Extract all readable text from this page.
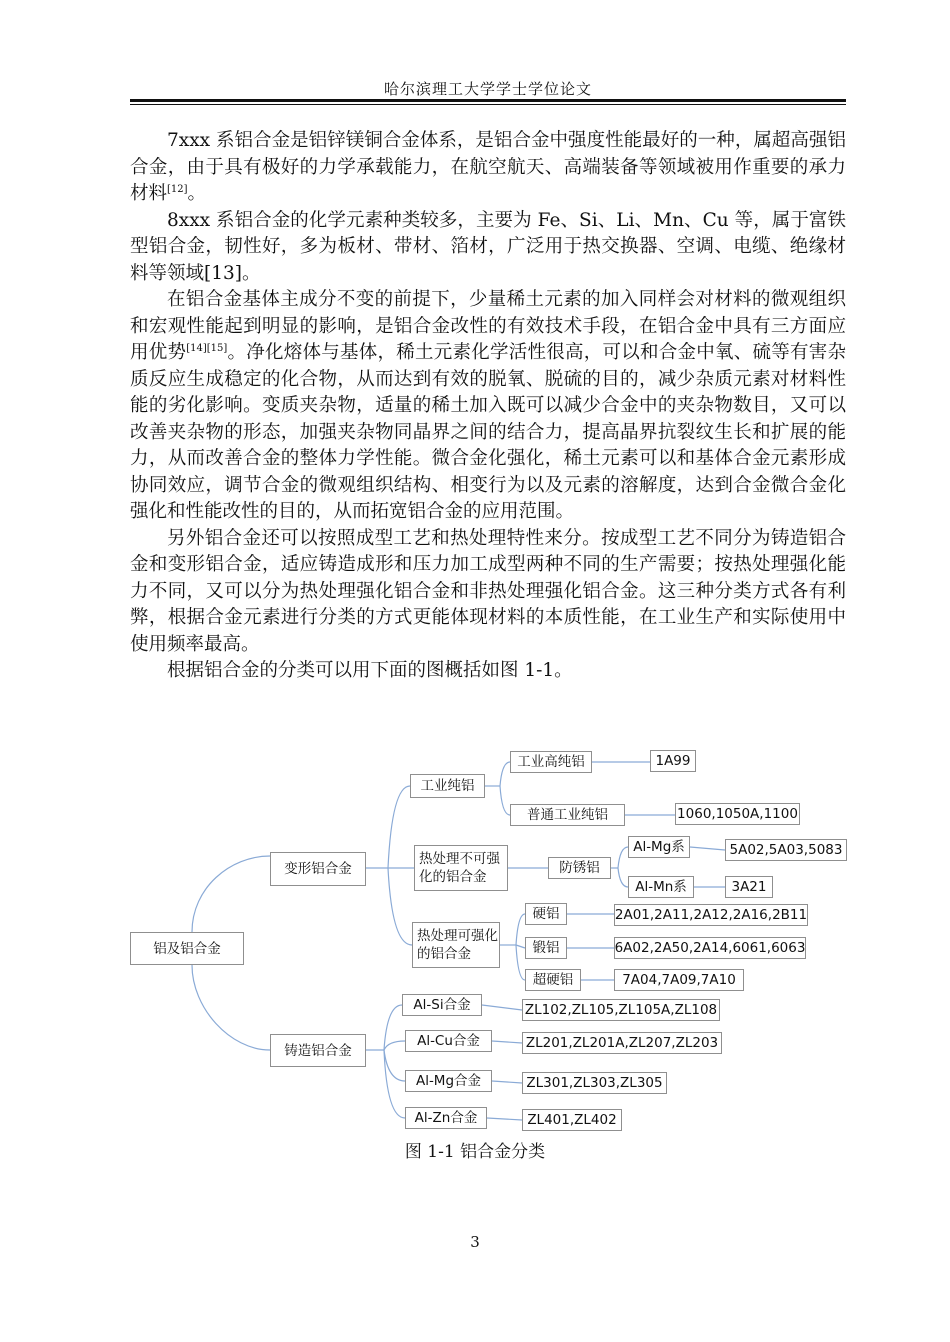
哈尔滨理工大学学士学位论文

7xxx 系铝合金是铝锌镁铜合金体系，是铝合金中强度性能最好的一种，属超高强铝合金，由于具有极好的力学承载能力，在航空航天、高端装备等领域被用作重要的承力材料[12]。

8xxx 系铝合金的化学元素种类较多，主要为 Fe、Si、Li、Mn、Cu 等，属于富铁型铝合金，韧性好，多为板材、带材、箔材，广泛用于热交换器、空调、电缆、绝缘材料等领域[13]。

在铝合金基体主成分不变的前提下，少量稀土元素的加入同样会对材料的微观组织和宏观性能起到明显的影响，是铝合金改性的有效技术手段，在铝合金中具有三方面应用优势[14][15]。净化熔体与基体，稀土元素化学活性很高，可以和合金中氧、硫等有害杂质反应生成稳定的化合物，从而达到有效的脱氧、脱硫的目的，减少杂质元素对材料性能的劣化影响。变质夹杂物，适量的稀土加入既可以减少合金中的夹杂物数目，又可以改善夹杂物的形态，加强夹杂物同晶界之间的结合力，提高晶界抗裂纹生长和扩展的能力，从而改善合金的整体力学性能。微合金化强化，稀土元素可以和基体合金元素形成协同效应，调节合金的微观组织结构、相变行为以及元素的溶解度，达到合金微合金化强化和性能改性的目的，从而拓宽铝合金的应用范围。

另外铝合金还可以按照成型工艺和热处理特性来分。按成型工艺不同分为铸造铝合金和变形铝合金，适应铸造成形和压力加工成型两种不同的生产需要；按热处理强化能力不同，又可以分为热处理强化铝合金和非热处理强化铝合金。这三种分类方式各有利弊，根据合金元素进行分类的方式更能体现材料的本质性能，在工业生产和实际使用中使用频率最高。

根据铝合金的分类可以用下面的图概括如图 1-1。

铝及铝合金
变形铝合金
铸造铝合金
工业纯铝
工业高纯铝	1A99
普通工业纯铝	1060,1050A,1100
热处理不可强化的铝合金
防锈铝
Al-Mg系	5A02,5A03,5083
Al-Mn系	3A21
热处理可强化的铝合金
硬铝	2A01,2A11,2A12,2A16,2B11
锻铝	6A02,2A50,2A14,6061,6063
超硬铝	7A04,7A09,7A10
Al-Si合金	ZL102,ZL105,ZL105A,ZL108
Al-Cu合金	ZL201,ZL201A,ZL207,ZL203
Al-Mg合金	ZL301,ZL303,ZL305
Al-Zn合金	ZL401,ZL402
图 1-1 铝合金分类
3
